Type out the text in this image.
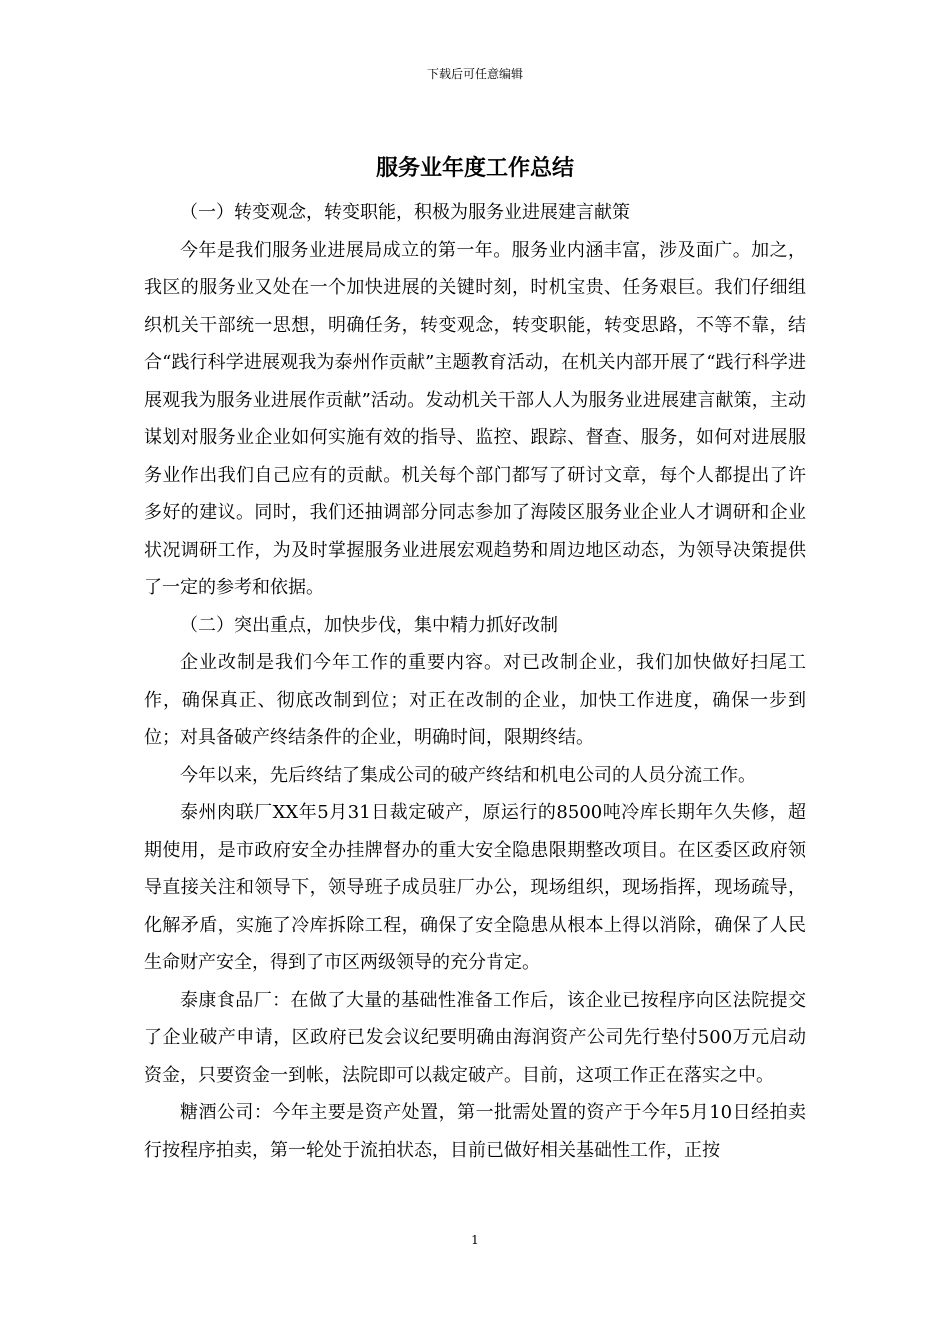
下载后可任意编辑
服务业年度工作总结

（一）转变观念，转变职能，积极为服务业进展建言献策

今年是我们服务业进展局成立的第一年。服务业内涵丰富，涉及面广。加之，我区的服务业又处在一个加快进展的关键时刻，时机宝贵、任务艰巨。我们仔细组织机关干部统一思想，明确任务，转变观念，转变职能，转变思路，不等不靠，结合“践行科学进展观我为泰州作贡献”主题教育活动，在机关内部开展了“践行科学进展观我为服务业进展作贡献”活动。发动机关干部人人为服务业进展建言献策，主动谋划对服务业企业如何实施有效的指导、监控、跟踪、督查、服务，如何对进展服务业作出我们自己应有的贡献。机关每个部门都写了研讨文章，每个人都提出了许多好的建议。同时，我们还抽调部分同志参加了海陵区服务业企业人才调研和企业状况调研工作，为及时掌握服务业进展宏观趋势和周边地区动态，为领导决策提供了一定的参考和依据。

（二）突出重点，加快步伐，集中精力抓好改制

企业改制是我们今年工作的重要内容。对已改制企业，我们加快做好扫尾工作，确保真正、彻底改制到位；对正在改制的企业，加快工作进度，确保一步到位；对具备破产终结条件的企业，明确时间，限期终结。

今年以来，先后终结了集成公司的破产终结和机电公司的人员分流工作。

泰州肉联厂XX年5月31日裁定破产，原运行的8500吨冷库长期年久失修，超期使用，是市政府安全办挂牌督办的重大安全隐患限期整改项目。在区委区政府领导直接关注和领导下，领导班子成员驻厂办公，现场组织，现场指挥，现场疏导，化解矛盾，实施了冷库拆除工程，确保了安全隐患从根本上得以消除，确保了人民生命财产安全，得到了市区两级领导的充分肯定。

泰康食品厂：在做了大量的基础性准备工作后，该企业已按程序向区法院提交了企业破产申请，区政府已发会议纪要明确由海润资产公司先行垫付500万元启动资金，只要资金一到帐，法院即可以裁定破产。目前，这项工作正在落实之中。

糖酒公司：今年主要是资产处置，第一批需处置的资产于今年5月10日经拍卖行按程序拍卖，第一轮处于流拍状态，目前已做好相关基础性工作，正按

1
